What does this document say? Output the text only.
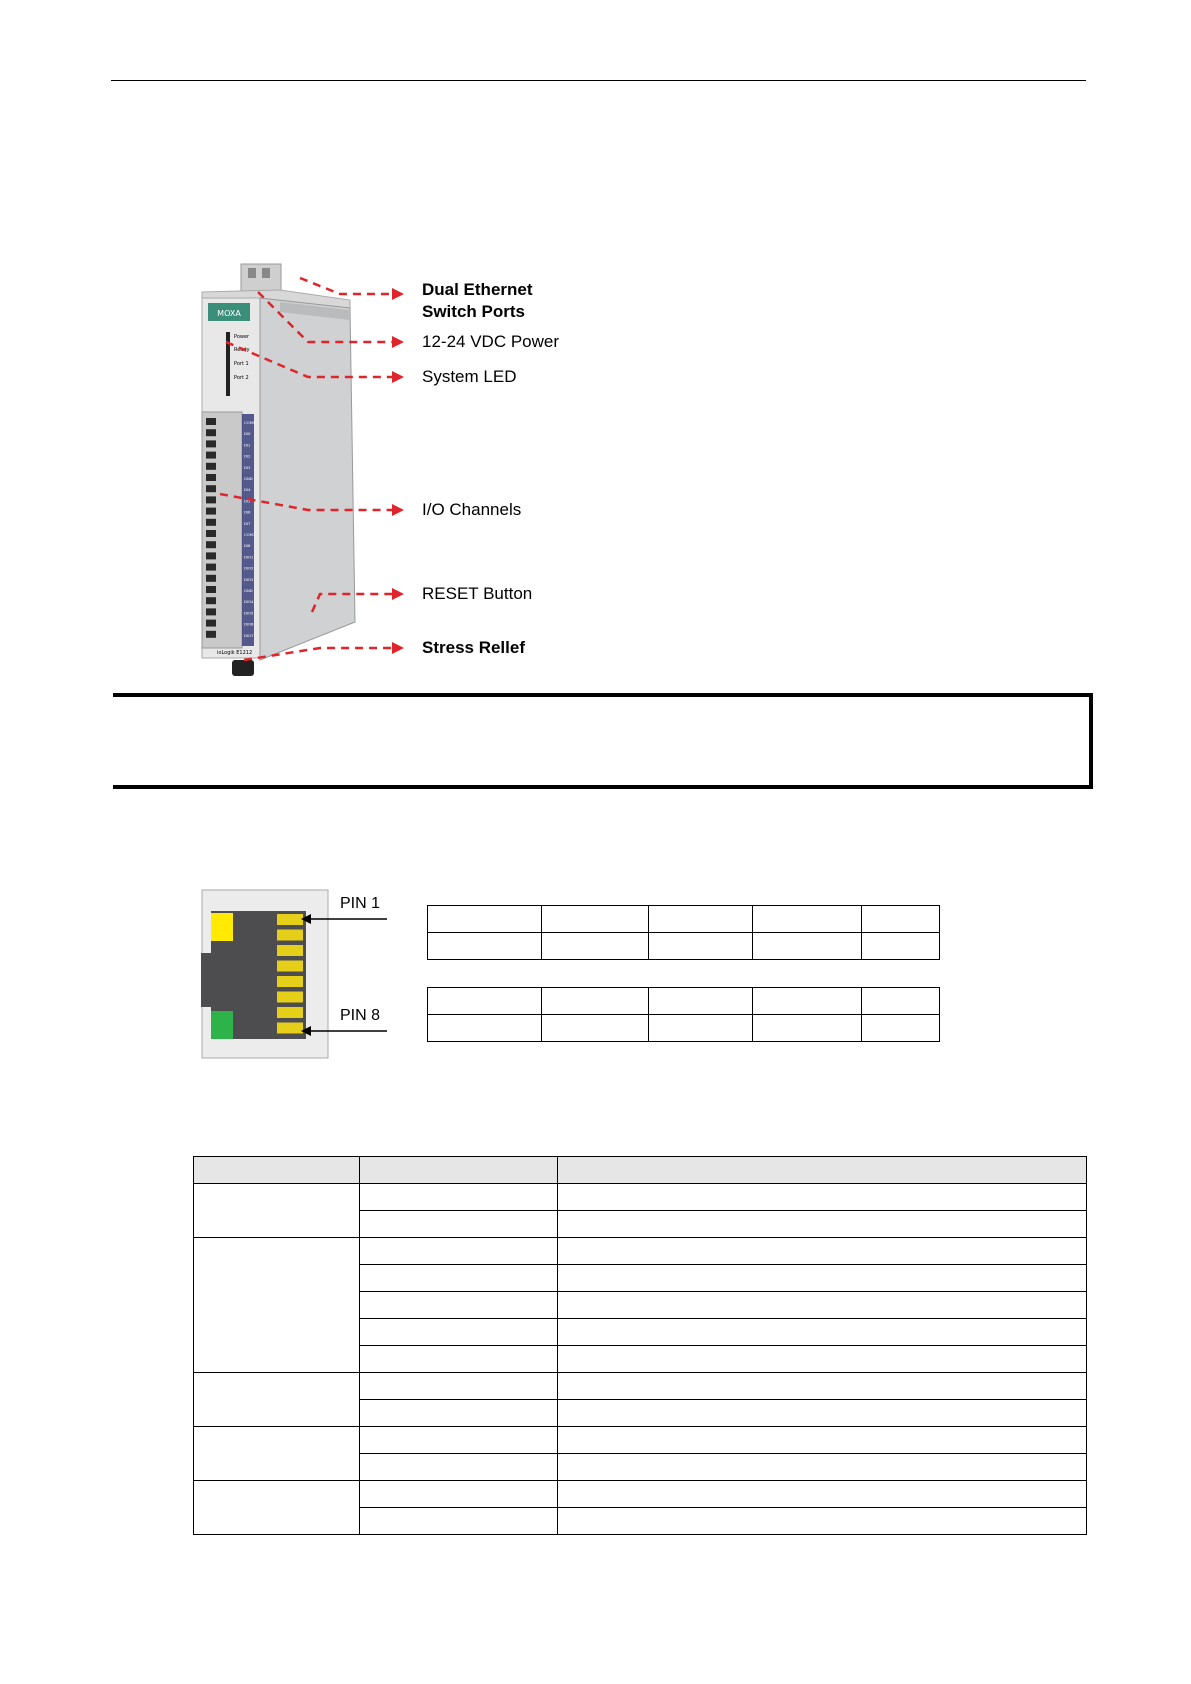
MOXA
Power
Ready
Port 1
Port 2
COM0
DI0
DI1
DI2
DI3
GND
DI4
DI5
DI6
DI7
COM1
DI8
DIO1
DIO2
DIO3
GND
DIO4
DIO5
DIO6
DIO7
ioLogik E1212
Dual Ethernet
Switch Ports
12-24 VDC Power
System LED
I/O Channels
RESET Button
Stress Rellef
PIN 1
PIN 8
